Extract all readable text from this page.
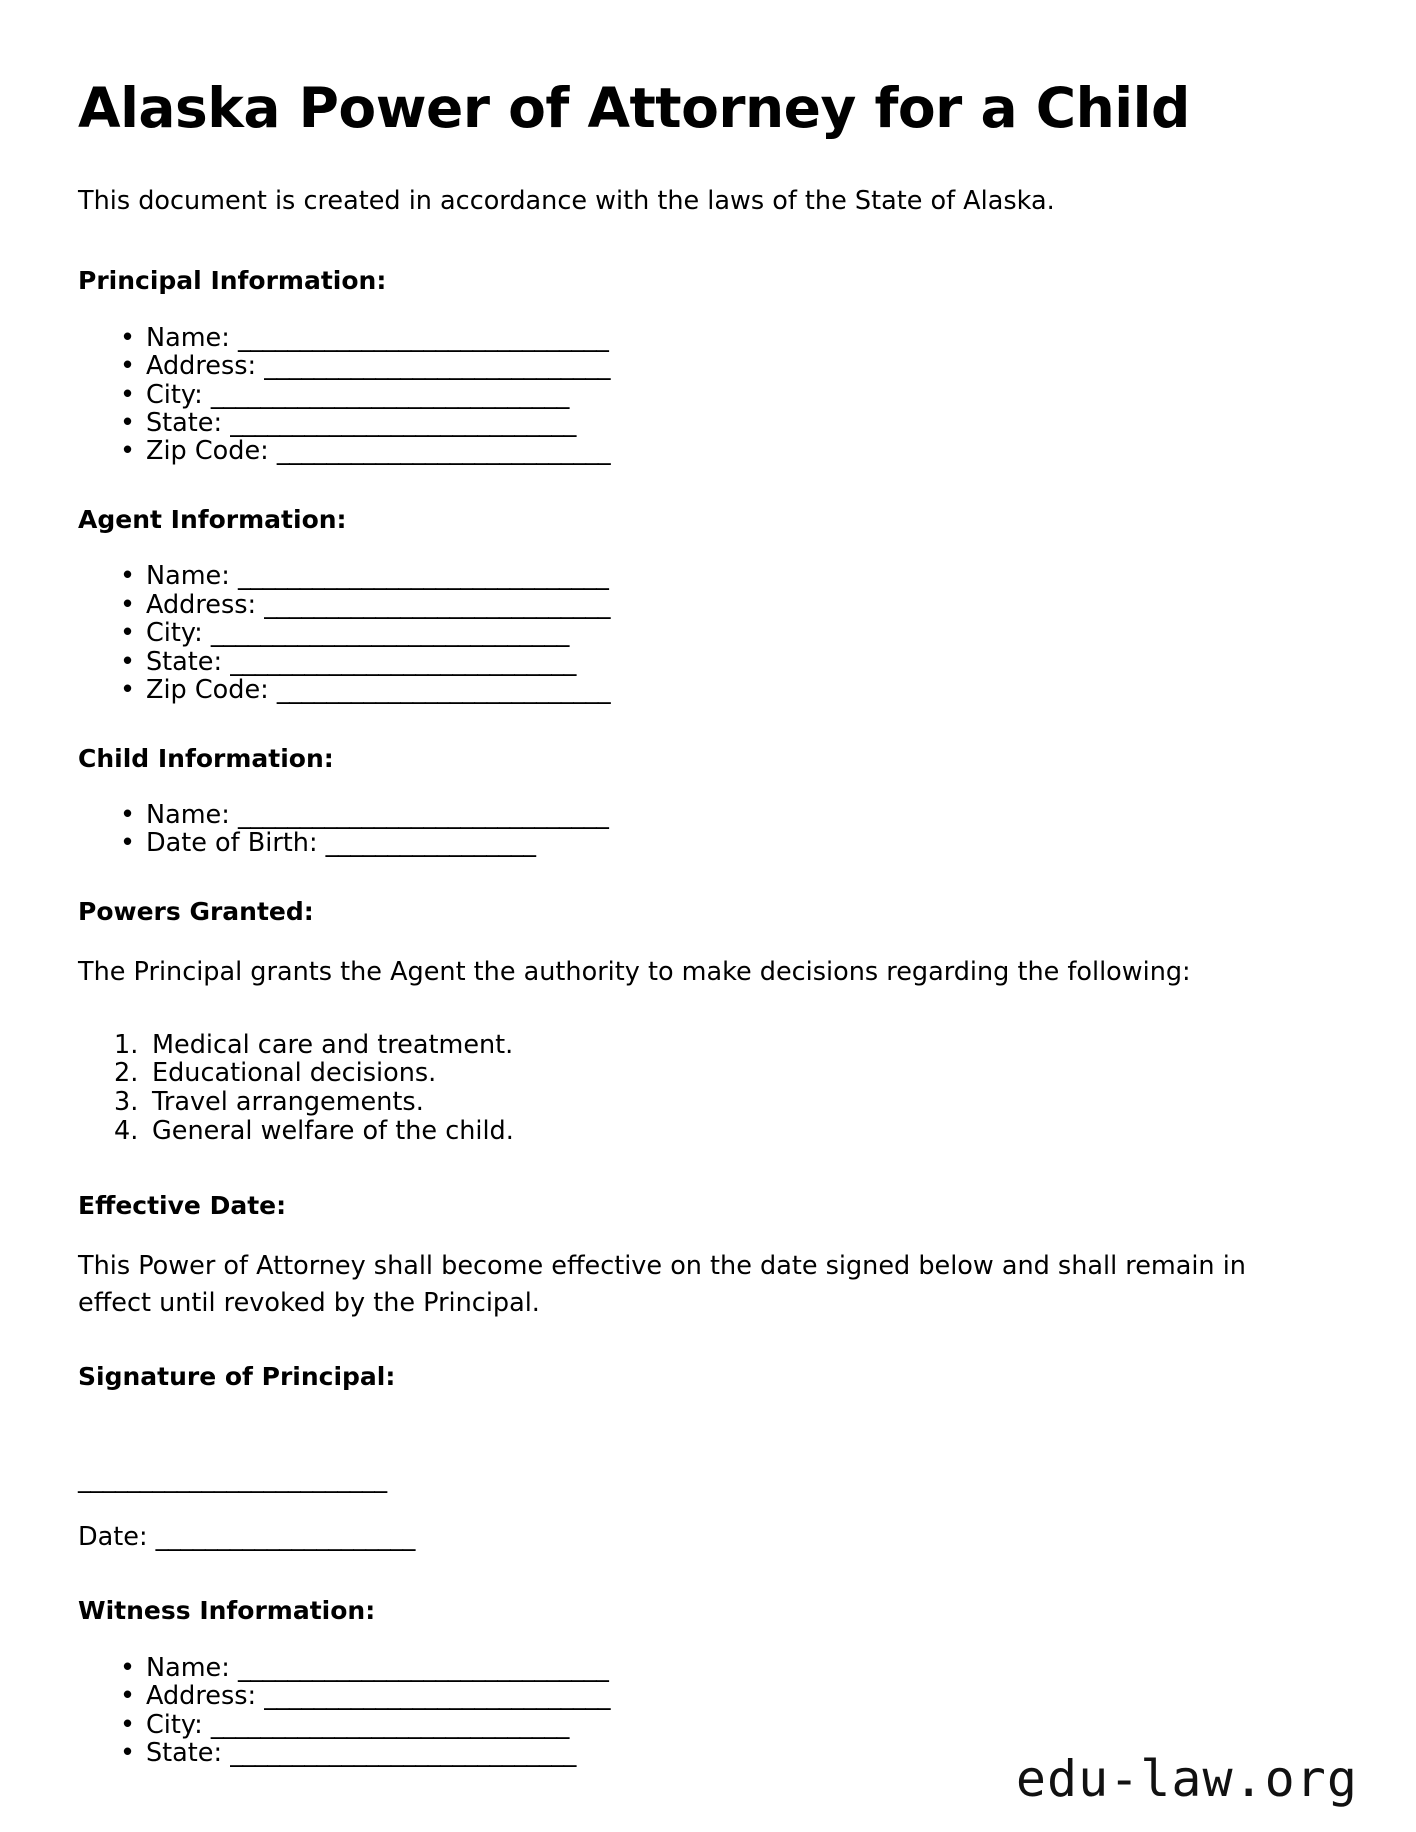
Alaska Power of Attorney for a Child

This document is created in accordance with the laws of the State of Alaska.

Principal Information:
• Name: ______________________________
• Address: ____________________________
• City: _____________________________
• State: ____________________________
• Zip Code: ___________________________
Agent Information:
• Name: ______________________________
• Address: ____________________________
• City: _____________________________
• State: ____________________________
• Zip Code: ___________________________
Child Information:
• Name: ______________________________
• Date of Birth: _________________
Powers Granted:

The Principal grants the Agent the authority to make decisions regarding the following:

Medical care and treatment.
Educational decisions.
Travel arrangements.
General welfare of the child.
Effective Date:

This Power of Attorney shall become effective on the date signed below and shall remain in effect until revoked by the Principal.

Signature of Principal:
_________________________
Date: _____________________
Witness Information:
• Name: ______________________________
• Address: ____________________________
• City: _____________________________
• State: ____________________________	edu-law.org
